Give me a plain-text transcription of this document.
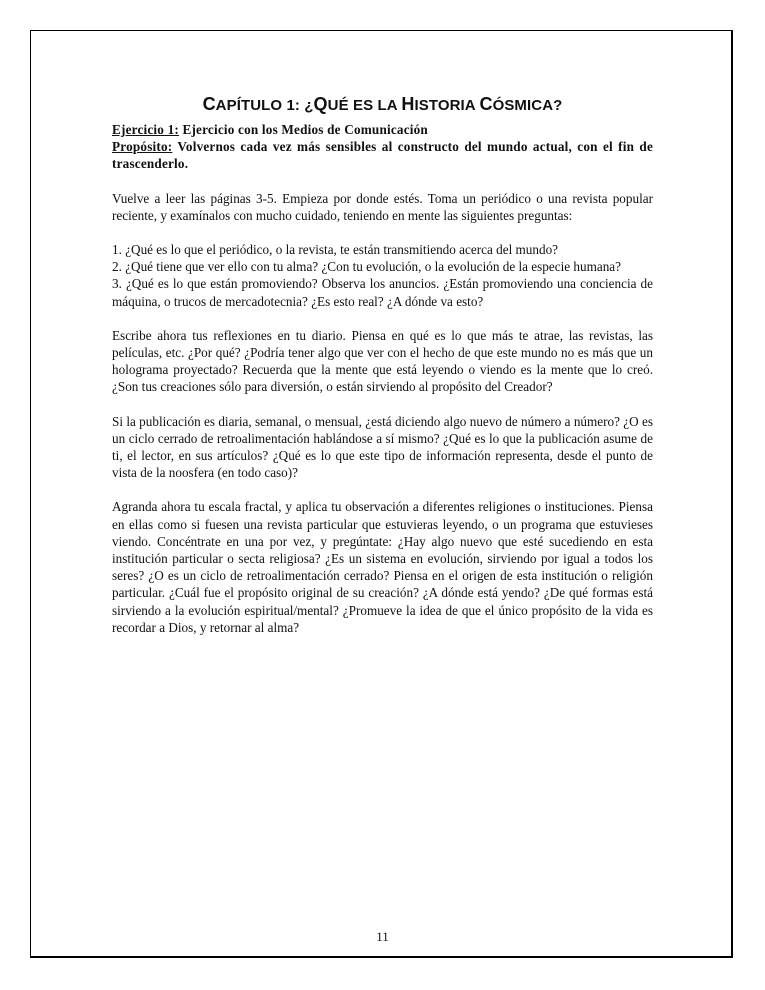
CAPÍTULO 1: ¿QUÉ ES LA HISTORIA CÓSMICA?
Ejercicio 1: Ejercicio con los Medios de Comunicación

Propósito: Volvernos cada vez más sensibles al constructo del mundo actual, con el fin de trascenderlo.

Vuelve a leer las páginas 3-5. Empieza por donde estés. Toma un periódico o una revista popular reciente, y examínalos con mucho cuidado, teniendo en mente las siguientes preguntas:

1. ¿Qué es lo que el periódico, o la revista, te están transmitiendo acerca del mundo?

2. ¿Qué tiene que ver ello con tu alma? ¿Con tu evolución, o la evolución de la especie humana?

3. ¿Qué es lo que están promoviendo? Observa los anuncios. ¿Están promoviendo una conciencia de máquina, o trucos de mercadotecnia? ¿Es esto real? ¿A dónde va esto?

Escribe ahora tus reflexiones en tu diario. Piensa en qué es lo que más te atrae, las revistas, las películas, etc. ¿Por qué? ¿Podría tener algo que ver con el hecho de que este mundo no es más que un holograma proyectado? Recuerda que la mente que está leyendo o viendo es la mente que lo creó. ¿Son tus creaciones sólo para diversión, o están sirviendo al propósito del Creador?

Si la publicación es diaria, semanal, o mensual, ¿está diciendo algo nuevo de número a número? ¿O es un ciclo cerrado de retroalimentación hablándose a sí mismo? ¿Qué es lo que la publicación asume de ti, el lector, en sus artículos? ¿Qué es lo que este tipo de información representa, desde el punto de vista de la noosfera (en todo caso)?

Agranda ahora tu escala fractal, y aplica tu observación a diferentes religiones o instituciones. Piensa en ellas como si fuesen una revista particular que estuvieras leyendo, o un programa que estuvieses viendo. Concéntrate en una por vez, y pregúntate: ¿Hay algo nuevo que esté sucediendo en esta institución particular o secta religiosa? ¿Es un sistema en evolución, sirviendo por igual a todos los seres? ¿O es un ciclo de retroalimentación cerrado? Piensa en el origen de esta institución o religión particular. ¿Cuál fue el propósito original de su creación? ¿A dónde está yendo? ¿De qué formas está sirviendo a la evolución espiritual/mental? ¿Promueve la idea de que el único propósito de la vida es recordar a Dios, y retornar al alma?

11
